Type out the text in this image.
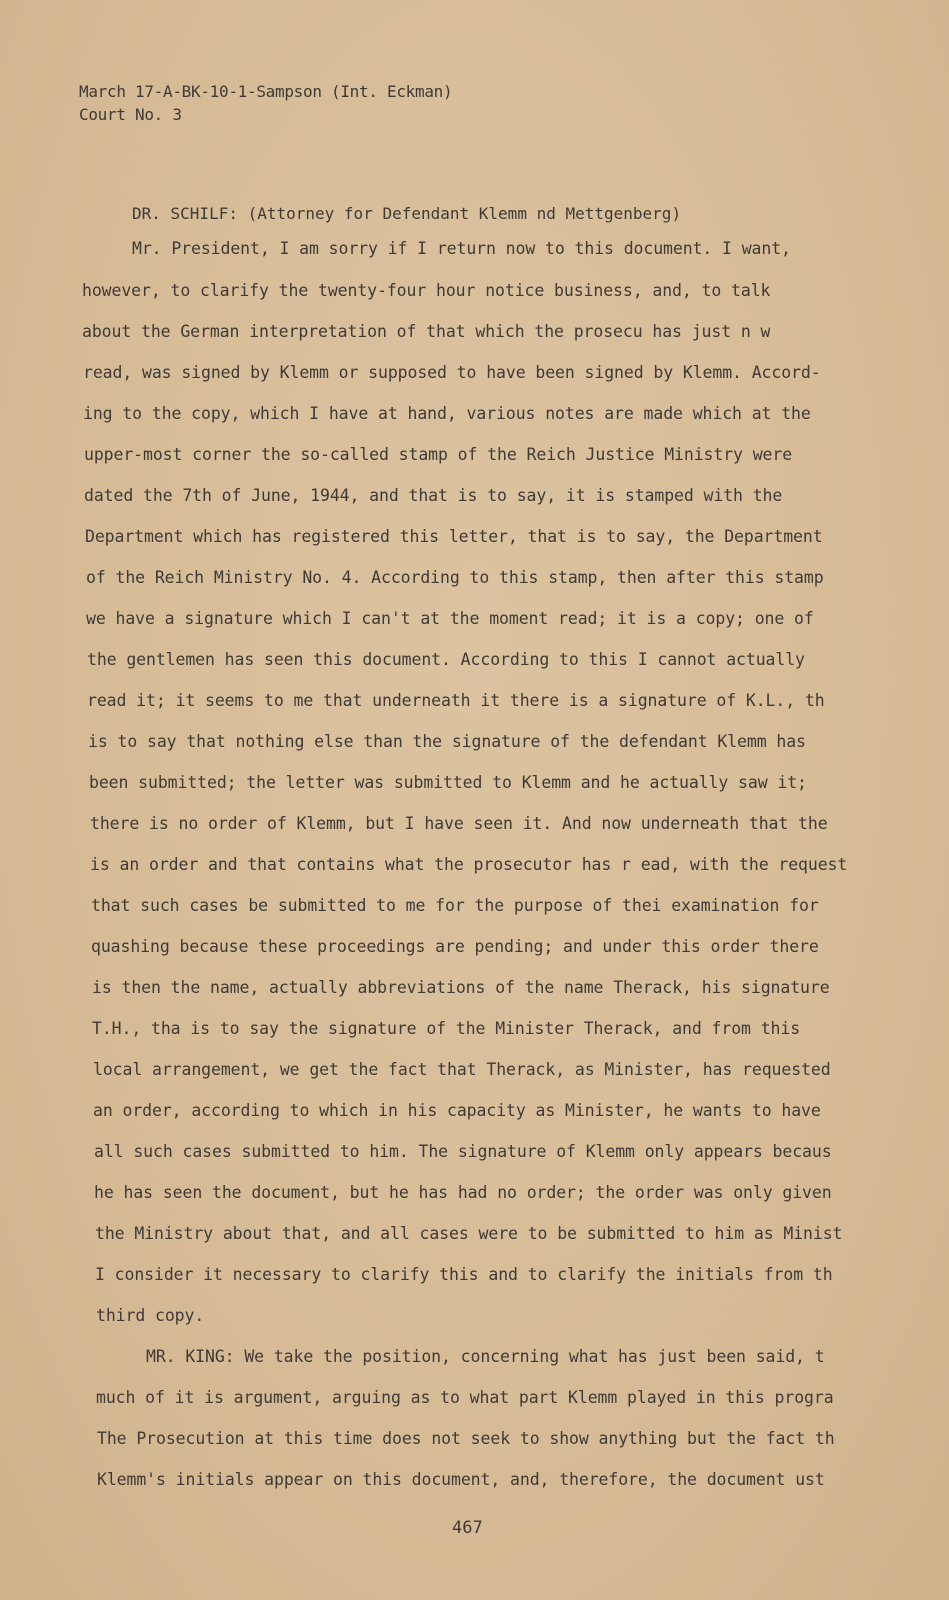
March 17-A-BK-10-1-Sampson (Int. Eckman)
Court No. 3
DR. SCHILF: (Attorney for Defendant Klemm nd Mettgenberg)
Mr. President, I am sorry if I return now to this document. I want,
however, to clarify the twenty-four hour notice business, and, to talk
about the German interpretation of that which the prosecu has just n w
read, was signed by Klemm or supposed to have been signed by Klemm. Accord-
ing to the copy, which I have at hand, various notes are made which at the
upper-most corner the so-called stamp of the Reich Justice Ministry were
dated the 7th of June, 1944, and that is to say, it is stamped with the
Department which has registered this letter, that is to say, the Department
of the Reich Ministry No. 4. According to this stamp, then after this stamp
we have a signature which I can't at the moment read; it is a copy; one of
the gentlemen has seen this document. According to this I cannot actually
read it; it seems to me that underneath it there is a signature of K.L., th
is to say that nothing else than the signature of the defendant Klemm has
been submitted; the letter was submitted to Klemm and he actually saw it;
there is no order of Klemm, but I have seen it. And now underneath that the
is an order and that contains what the prosecutor has r ead, with the request
that such cases be submitted to me for the purpose of thei examination for
quashing because these proceedings are pending; and under this order there
is then the name, actually abbreviations of the name Therack, his signature
T.H., tha is to say the signature of the Minister Therack, and from this
local arrangement, we get the fact that Therack, as Minister, has requested
an order, according to which in his capacity as Minister, he wants to have
all such cases submitted to him. The signature of Klemm only appears becaus
he has seen the document, but he has had no order; the order was only given
the Ministry about that, and all cases were to be submitted to him as Minist
I consider it necessary to clarify this and to clarify the initials from th
third copy.
MR. KING: We take the position, concerning what has just been said, t
much of it is argument, arguing as to what part Klemm played in this progra
The Prosecution at this time does not seek to show anything but the fact th
Klemm's initials appear on this document, and, therefore, the document ust
467
